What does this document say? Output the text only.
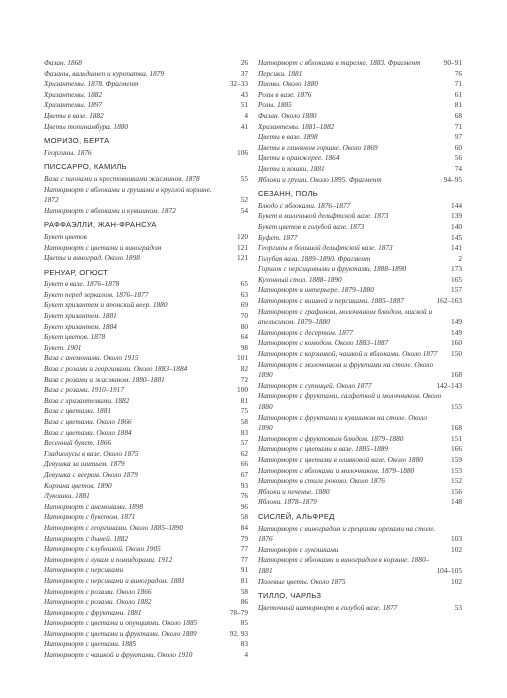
Фазан. 1868	26
Фазаны, вальдшнеп и куропатка. 1879	37
Хризантемы. 1878. Фрагмент	32–33
Хризантемы. 1882	43
Хризантемы. 1897	51
Цветы в вазе. 1882	4
Цветы топинамбура. 1880	41
МОРИЗО, БЕРТА
Георгины. 1876	106
ПИССАРРО, КАМИЛЬ
Ваза с пионами и крестовниками жасминов. 1878	55
Натюрморт с яблоками и грушами в круглой корзине. 1872	52
Натюрморт с яблоками и кувшином. 1872	54
РАФФАЭЛЛИ, ЖАН-ФРАНСУА
Букет цветов	120
Натюрморт с цветами и виноградом	121
Цветы и виноград. Около 1898	121
РЕНУАР, ОГЮСТ
Букет в вазе. 1876–1878	65
Букет перед зеркалом. 1876–1877	63
Букет хризантем и японский веер. 1880	69
Букет хризантем. 1881	70
Букет хризантем. 1884	80
Букет цветов. 1878	64
Букет. 1901	98
Ваза с анемонами. Около 1915	101
Ваза с розами и георгинами. Около 1883–1884	82
Ваза с розами и жасмином. 1880–1881	72
Ваза с розами. 1910–1917	100
Ваза с хризантемами. 1882	81
Ваза с цветами. 1881	75
Ваза с цветами. Около 1866	58
Ваза с цветами. Около 1884	83
Весенний букет. 1866	57
Гладиолусы в вазе. Около 1875	62
Девушка за шитьем. 1879	66
Девушка с веером. Около 1879	67
Корзина цветов. 1890	93
Лукошки. 1881	76
Натюрморт с анемонами. 1898	96
Натюрморт с букетом. 1871	58
Натюрморт с георгинами. Около 1885–1890	84
Натюрморт с дыней. 1882	79
Натюрморт с клубникой. Около 1905	77
Натюрморт с лукам и помидорами. 1912	77
Натюрморт с персиками	91
Натюрморт с персиками и виноградом. 1881	81
Натюрморт с розами. Около 1866	58
Натюрморт с розами. Около 1882	86
Натюрморт с фруктами. 1881	78–79
Натюрморт с цветами и опунциями. Около 1885	85
Натюрморт с цветами и фруктами. Около 1889	92, 93
Натюрморт с цветами. 1885	83
Натюрморт с чашкой и фруктами. Около 1910	4
Натюрморт с яблоками в тарелке. 1883. Фрагмент	90–91
Персики. 1881	76
Пионы. Около 1880	71
Розы в вазе. 1876	61
Розы. 1885	81
Фазан. Около 1880	68
Хризантемы. 1881–1882	71
Цветы в вазе. 1898	97
Цветы в глиняном горшке. Около 1869	60
Цветы в оранжерее. 1864	56
Цветы и кошки. 1881	74
Яблоки и груши. Около 1895. Фрагмент	94–95
СЕЗАНН, ПОЛЬ
Блюдо с яблоками. 1876–1877	144
Букет в маленькой дельфтской вазе. 1873	139
Букет цветов в голубой вазе. 1873	140
Буфет. 1877	145
Георгины в большой дельфтской вазе. 1873	141
Голубая ваза. 1889–1890. Фрагмент	2
Горшок с персицовыми и фруктами. 1888–1890	173
Кухонный стол. 1888–1890	165
Натюрморт в интерьере. 1879–1880	157
Натюрморт с вишней и персиками. 1885–1887	162–163
Натюрморт с графином, молочником блюдом, миской и апельсином. 1879–1880	149
Натюрморт с десертом. 1877	149
Натюрморт с комодом. Около 1883–1887	160
Натюрморт с корзинкой, чашкой и яблоками. Около 1877	150
Натюрморт с молочником и фруктами на столе. Около 1890	168
Натюрморт с супницей. Около 1877	142–143
Натюрморт с фруктами, салфеткой и молочником. Около 1880	155
Натюрморт с фруктами и кувшином на столе. Около 1890	168
Натюрморт с фруктовым блюдом. 1879–1880	151
Натюрморт с цветами в вазе. 1885–1889	166
Натюрморт с цветами в оливковой вазе. Около 1880	159
Натюрморт с яблоками и молочником. 1879–1880	153
Натюрморт в стиле рококо. Около 1876	152
Яблоки и печенье. 1880	156
Яблоки. 1878–1879	148
СИСЛЕЙ, АЛЬФРЕД
Натюрморт с виноградом и грецкими орехами на столе. 1876	103
Натюрморт с лукошками	102
Натюрморт с яблоками и виноградом в корзине. 1880–1881	104–105
Полевые цветы. Около 1875	102
ТИЛЛО, ЧАРЛЬЗ
Цветочный натюрморт в голубой вазе. 1877	53
